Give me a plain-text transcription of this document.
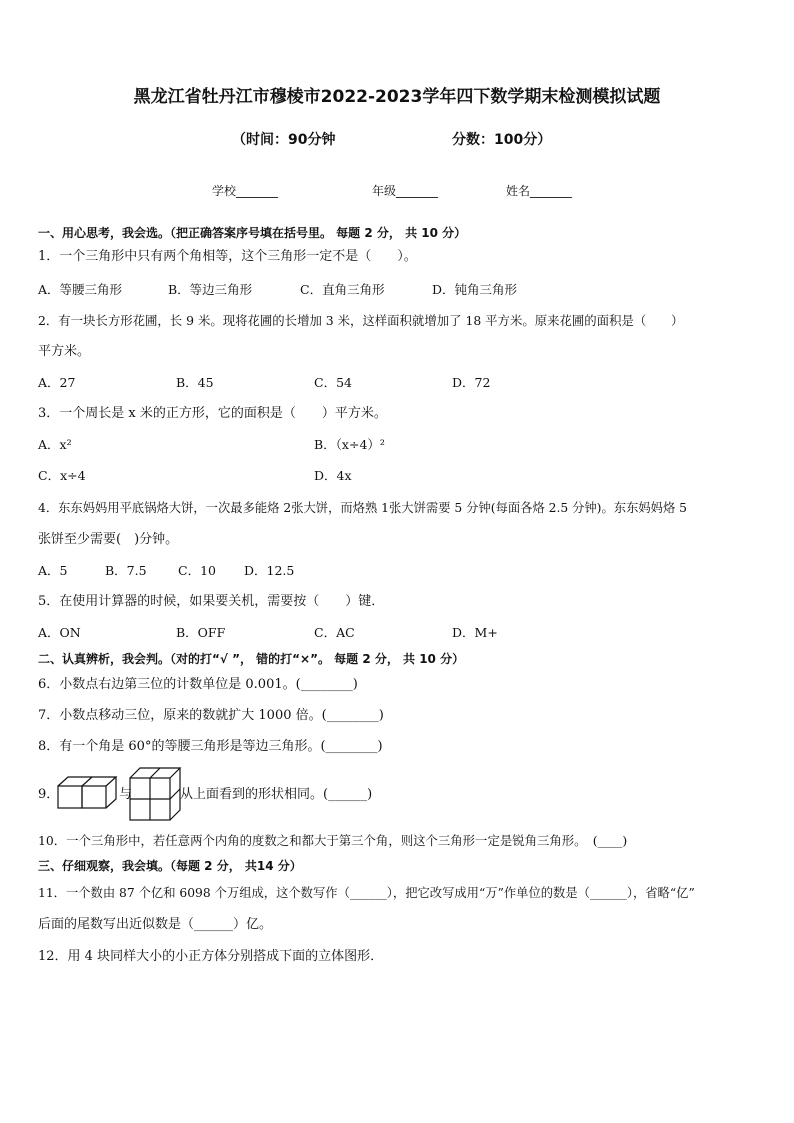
黑龙江省牡丹江市穆棱市2022-2023学年四下数学期末检测模拟试题
（时间：90分钟	分数：100分）
学校_______	年级_______	姓名_______
一、用心思考，我会选。（把正确答案序号填在括号里。 每题 2 分， 共 10 分）
1．一个三角形中只有两个角相等，这个三角形一定不是（　　）。
A．等腰三角形	B．等边三角形	C．直角三角形	D．钝角三角形
2．有一块长方形花圃，长 9 米。现将花圃的长增加 3 米，这样面积就增加了 18 平方米。原来花圃的面积是（　　）
平方米。
A．27	B．45	C．54	D．72
3．一个周长是 x 米的正方形，它的面积是（　　）平方米。
A．x²	B．（x÷4）²
C．x÷4	D．4x
4．东东妈妈用平底锅烙大饼，一次最多能烙 2张大饼，而烙熟 1张大饼需要 5 分钟(每面各烙 2.5 分钟)。东东妈妈烙 5
张饼至少需要(　)分钟。
A．5	B．7.5	C．10 D．12.5
5．在使用计算器的时候，如果要关机，需要按（　　）键．
A．ON	B．OFF	C．AC	D．M+
二、认真辨析，我会判。（对的打“√ ”， 错的打“×”。 每题 2 分， 共 10 分）
6．小数点右边第三位的计数单位是 0.001。(________)
7．小数点移动三位，原来的数就扩大 1000 倍。(________)
8．有一个角是 60°的等腰三角形是等边三角形。(________)
9．	与	从上面看到的形状相同。(______)
10．一个三角形中，若任意两个内角的度数之和都大于第三个角，则这个三角形一定是锐角三角形。　(____)
三、仔细观察，我会填。（每题 2 分， 共14 分）
11．一个数由 87 个亿和 6098 个万组成，这个数写作（______），把它改写成用“万”作单位的数是（______），省略“亿”
后面的尾数写出近似数是（______）亿。
12．用 4 块同样大小的小正方体分别搭成下面的立体图形．
